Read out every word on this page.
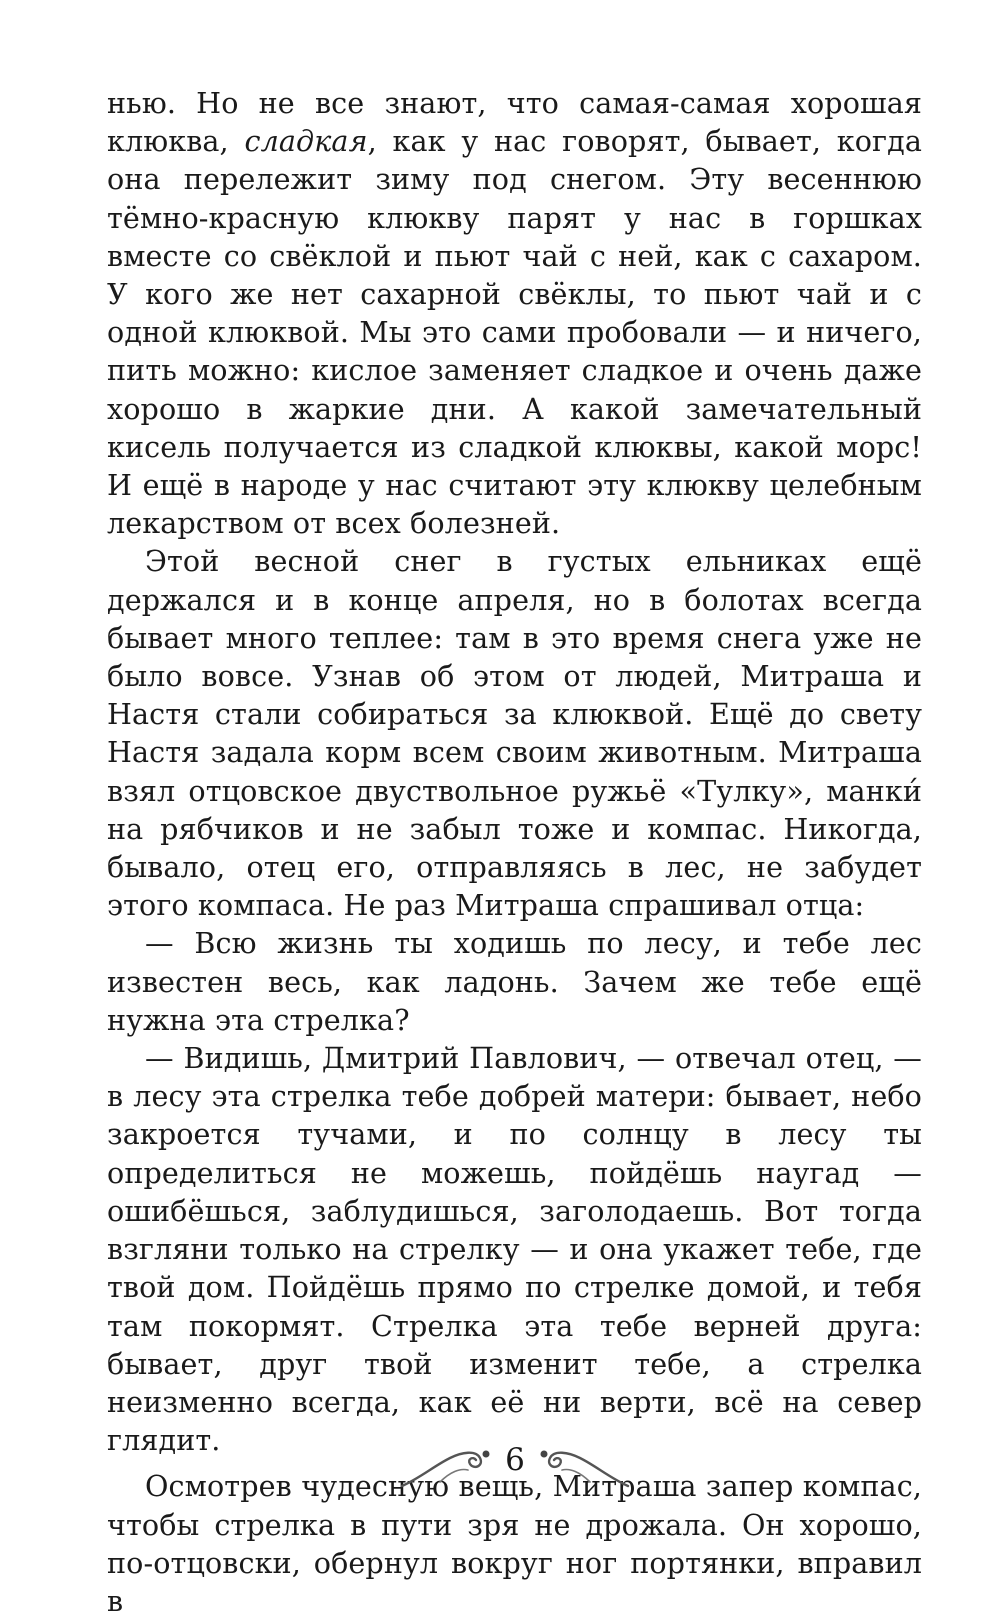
нью. Но не все знают, что самая-самая хорошая клюква, сладкая, как у нас говорят, бывает, когда она перележит зиму под снегом. Эту весеннюю тёмно-красную клюкву парят у нас в горшках вместе со свёклой и пьют чай с ней, как с сахаром. У кого же нет сахарной свёклы, то пьют чай и с одной клюквой. Мы это сами пробовали — и ничего, пить можно: кислое заменяет сладкое и очень даже хорошо в жаркие дни. А какой замечательный кисель получается из сладкой клюквы, какой морс! И ещё в народе у нас считают эту клюкву целебным лекарством от всех болезней.

Этой весной снег в густых ельниках ещё держался и в конце апреля, но в болотах всегда бывает много теплее: там в это время снега уже не было вовсе. Узнав об этом от людей, Митраша и Настя стали собираться за клюквой. Ещё до свету Настя задала корм всем своим животным. Митраша взял отцовское двуствольное ружьё «Тулку», манки́ на рябчиков и не забыл тоже и компас. Никогда, бывало, отец его, отправляясь в лес, не забудет этого компаса. Не раз Митраша спрашивал отца:

— Всю жизнь ты ходишь по лесу, и тебе лес известен весь, как ладонь. Зачем же тебе ещё нужна эта стрелка?

— Видишь, Дмитрий Павлович, — отвечал отец, — в лесу эта стрелка тебе добрей матери: бывает, небо закроется тучами, и по солнцу в лесу ты определиться не можешь, пойдёшь наугад — ошибёшься, заблудишься, заголодаешь. Вот тогда взгляни только на стрелку — и она укажет тебе, где твой дом. Пойдёшь прямо по стрелке домой, и тебя там покормят. Стрелка эта тебе верней друга: бывает, друг твой изменит тебе, а стрелка неизменно всегда, как её ни верти, всё на север глядит.

Осмотрев чудесную вещь, Митраша запер компас, чтобы стрелка в пути зря не дрожала. Он хорошо, по-отцовски, обернул вокруг ног портянки, вправил в

6
